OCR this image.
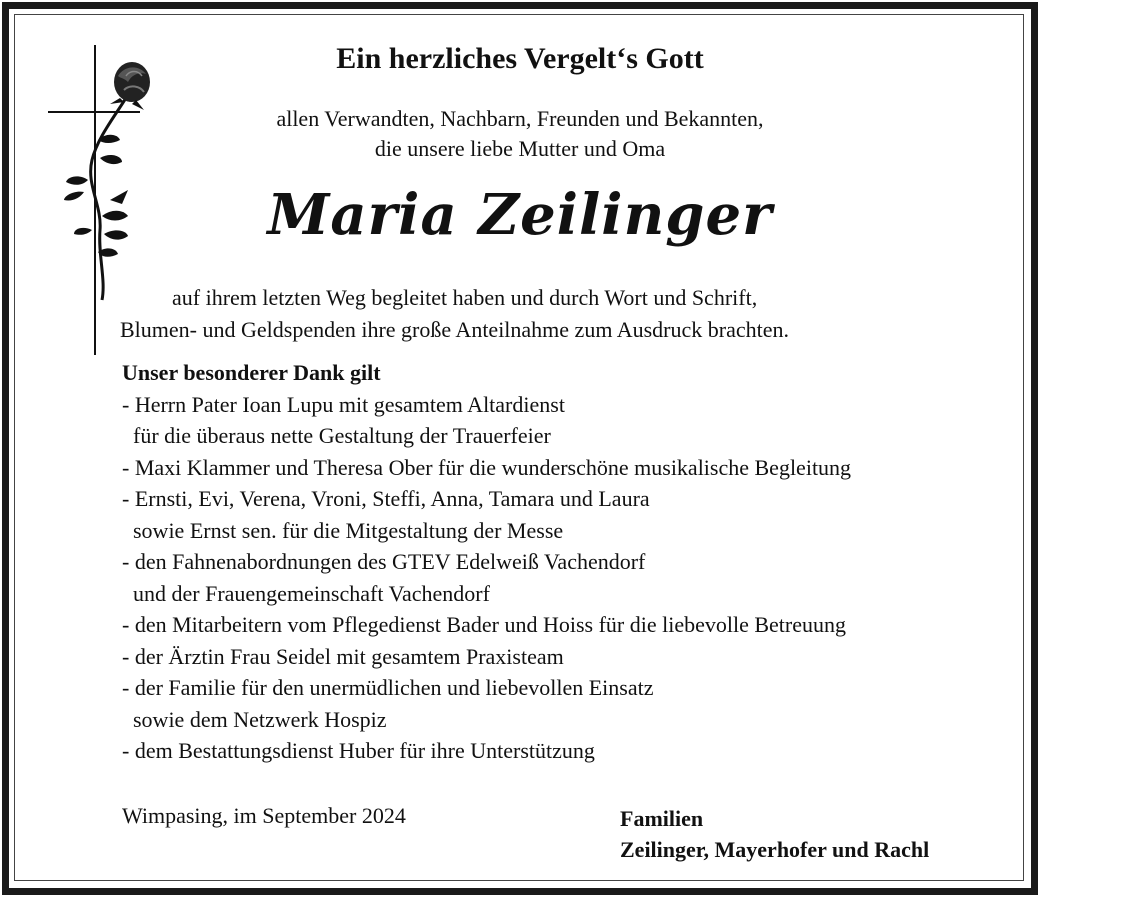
Ein herzliches Vergelt‘s Gott
allen Verwandten, Nachbarn, Freunden und Bekannten,
die unsere liebe Mutter und Oma
Maria Zeilinger
auf ihrem letzten Weg begleitet haben und durch Wort und Schrift,
Blumen- und Geldspenden ihre große Anteilnahme zum Ausdruck brachten.
Unser besonderer Dank gilt
- Herrn Pater Ioan Lupu mit gesamtem Altardienst
für die überaus nette Gestaltung der Trauerfeier
- Maxi Klammer und Theresa Ober für die wunderschöne musikalische Begleitung
- Ernsti, Evi, Verena, Vroni, Steffi, Anna, Tamara und Laura
sowie Ernst sen. für die Mitgestaltung der Messe
- den Fahnenabordnungen des GTEV Edelweiß Vachendorf
und der Frauengemeinschaft Vachendorf
- den Mitarbeitern vom Pflegedienst Bader und Hoiss für die liebevolle Betreuung
- der Ärztin Frau Seidel mit gesamtem Praxisteam
- der Familie für den unermüdlichen und liebevollen Einsatz
sowie dem Netzwerk Hospiz
- dem Bestattungsdienst Huber für ihre Unterstützung
Wimpasing, im September 2024	Familien
Zeilinger, Mayerhofer und Rachl
